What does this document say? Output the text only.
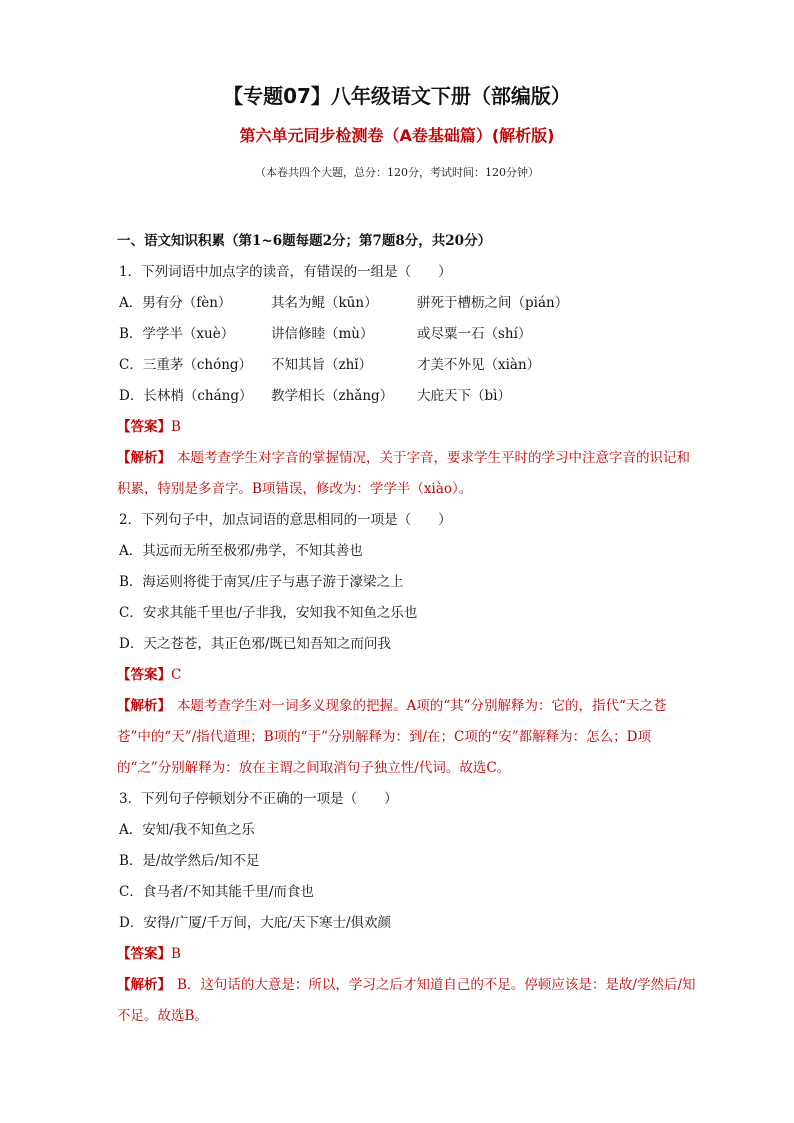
【专题07】八年级语文下册（部编版）
第六单元同步检测卷（A卷基础篇）(解析版)
（本卷共四个大题，总分：120分，考试时间：120分钟）

一、语文知识积累（第1~6题每题2分；第7题8分，共20分）

1．下列词语中加点字的读音，有错误的一组是（　　）

A．男有分（fèn）	其名为鲲（kūn）	骈死于槽枥之间（pián）

B．学学半（xuè）	讲信修睦（mù）	或尽粟一石（shí）

C．三重茅（chóng）	不知其旨（zhǐ）	才美不外见（xiàn）

D．长林梢（cháng）	教学相长（zhǎng）	大庇天下（bì）

【答案】B

【解析】 本题考查学生对字音的掌握情况，关于字音，要求学生平时的学习中注意字音的识记和积累，特别是多音字。B项错误，修改为：学学半（xiào）。

2．下列句子中，加点词语的意思相同的一项是（　　）

A．其远而无所至极邪/弗学，不知其善也

B．海运则将徙于南冥/庄子与惠子游于濠梁之上

C．安求其能千里也/子非我，安知我不知鱼之乐也

D．天之苍苍，其正色邪/既已知吾知之而问我

【答案】C

【解析】 本题考查学生对一词多义现象的把握。A项的“其”分别解释为：它的，指代“天之苍苍”中的“天”/指代道理；B项的“于”分别解释为：到/在；C项的“安”都解释为：怎么；D项的“之”分别解释为：放在主谓之间取消句子独立性/代词。故选C。

3．下列句子停顿划分不正确的一项是（　　）

A．安知/我不知鱼之乐

B．是/故学然后/知不足

C．食马者/不知其能千里/而食也

D．安得/广厦/千万间，大庇/天下寒士/俱欢颜

【答案】B

【解析】 B．这句话的大意是：所以，学习之后才知道自己的不足。停顿应该是：是故/学然后/知不足。故选B。
